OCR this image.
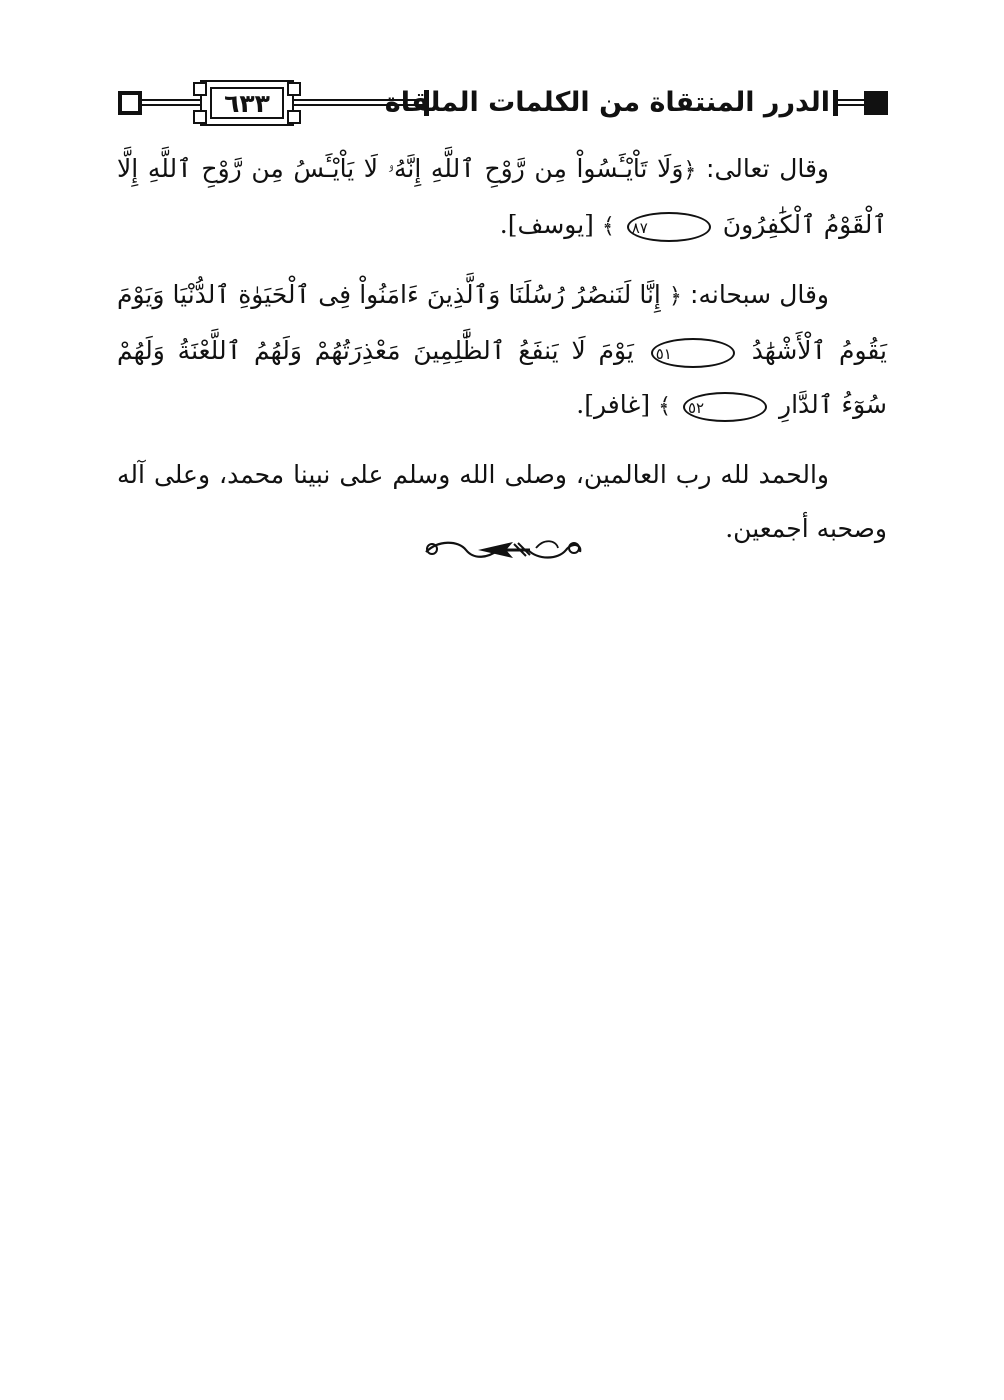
٦٣٣	الدرر المنتقاة من الكلمات الملقاة

وقال تعالى: ﴿وَلَا تَاْيْـَٔسُواْ مِن رَّوْحِ ٱللَّهِ إِنَّهُۥ لَا يَاْيْـَٔسُ مِن رَّوْحِ ٱللَّهِ إِلَّا ٱلْقَوْمُ ٱلْكَٰفِرُونَ ٨٧ ﴾ [يوسف].

وقال سبحانه: ﴿ إِنَّا لَنَنصُرُ رُسُلَنَا وَٱلَّذِينَ ءَامَنُواْ فِى ٱلْحَيَوٰةِ ٱلدُّنْيَا وَيَوْمَ يَقُومُ ٱلْأَشْهَٰدُ ٥١ يَوْمَ لَا يَنفَعُ ٱلظَّٰلِمِينَ مَعْذِرَتُهُمْ وَلَهُمُ ٱللَّعْنَةُ وَلَهُمْ سُوٓءُ ٱلدَّارِ ٥٢ ﴾ [غافر].

والحمد لله رب العالمين، وصلى الله وسلم على نبينا محمد، وعلى آله وصحبه أجمعين.
